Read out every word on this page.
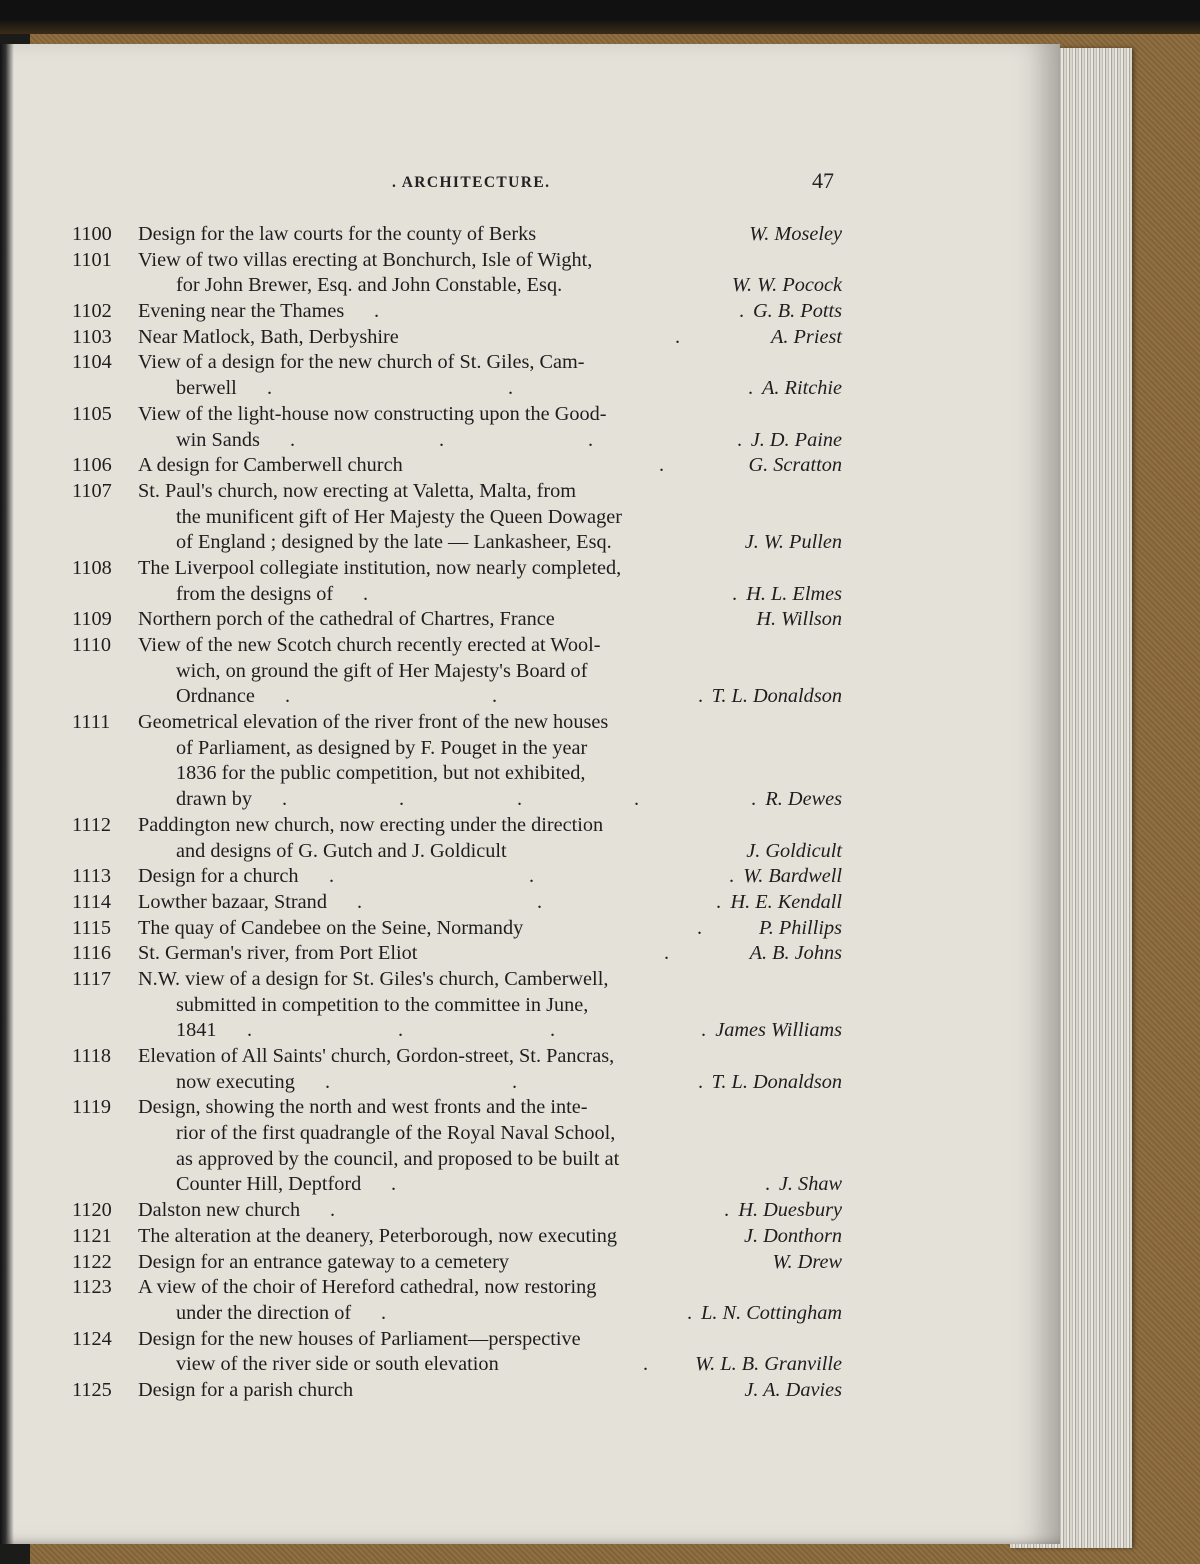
. ARCHITECTURE.	47
1100 Design for the law courts for the county of Berks	W. Moseley
1101 View of two villas erecting at Bonchurch, Isle of Wight,
for John Brewer, Esq. and John Constable, Esq.	W. W. Pocock
1102 Evening near the Thames	G. B. Potts
.	.
1103 Near Matlock, Bath, Derbyshire	A. Priest
.
1104 View of a design for the new church of St. Giles, Cam-
berwell	A. Ritchie
.	.	.
1105 View of the light-house now constructing upon the Good-
win Sands	J. D. Paine
.	.	.	.
1106 A design for Camberwell church	G. Scratton
.
1107 St. Paul's church, now erecting at Valetta, Malta, from
the munificent gift of Her Majesty the Queen Dowager
of England ; designed by the late — Lankasheer, Esq.	J. W. Pullen
1108 The Liverpool collegiate institution, now nearly completed,
from the designs of	H. L. Elmes
.	.
1109 Northern porch of the cathedral of Chartres, France	H. Willson
1110 View of the new Scotch church recently erected at Wool-
wich, on ground the gift of Her Majesty's Board of
Ordnance	T. L. Donaldson
.	.	.
1111 Geometrical elevation of the river front of the new houses
of Parliament, as designed by F. Pouget in the year
1836 for the public competition, but not exhibited,
drawn by	R. Dewes
.	.	.	.	.
1112 Paddington new church, now erecting under the direction
and designs of G. Gutch and J. Goldicult	J. Goldicult
1113 Design for a church	W. Bardwell
.	.	.
1114 Lowther bazaar, Strand	H. E. Kendall
.	.	.
1115 The quay of Candebee on the Seine, Normandy	P. Phillips
.
1116 St. German's river, from Port Eliot	A. B. Johns
.
1117 N.W. view of a design for St. Giles's church, Camberwell,
submitted in competition to the committee in June,
1841	James Williams
.	.	.	.
1118 Elevation of All Saints' church, Gordon-street, St. Pancras,
now executing	T. L. Donaldson
.	.	.
1119 Design, showing the north and west fronts and the inte-
rior of the first quadrangle of the Royal Naval School,
as approved by the council, and proposed to be built at
Counter Hill, Deptford	J. Shaw
.	.
1120 Dalston new church	H. Duesbury
.	.
1121 The alteration at the deanery, Peterborough, now executing	J. Donthorn
1122 Design for an entrance gateway to a cemetery	W. Drew
1123 A view of the choir of Hereford cathedral, now restoring
under the direction of	L. N. Cottingham
.	.
1124 Design for the new houses of Parliament—perspective
view of the river side or south elevation	W. L. B. Granville
.
1125 Design for a parish church	J. A. Davies
